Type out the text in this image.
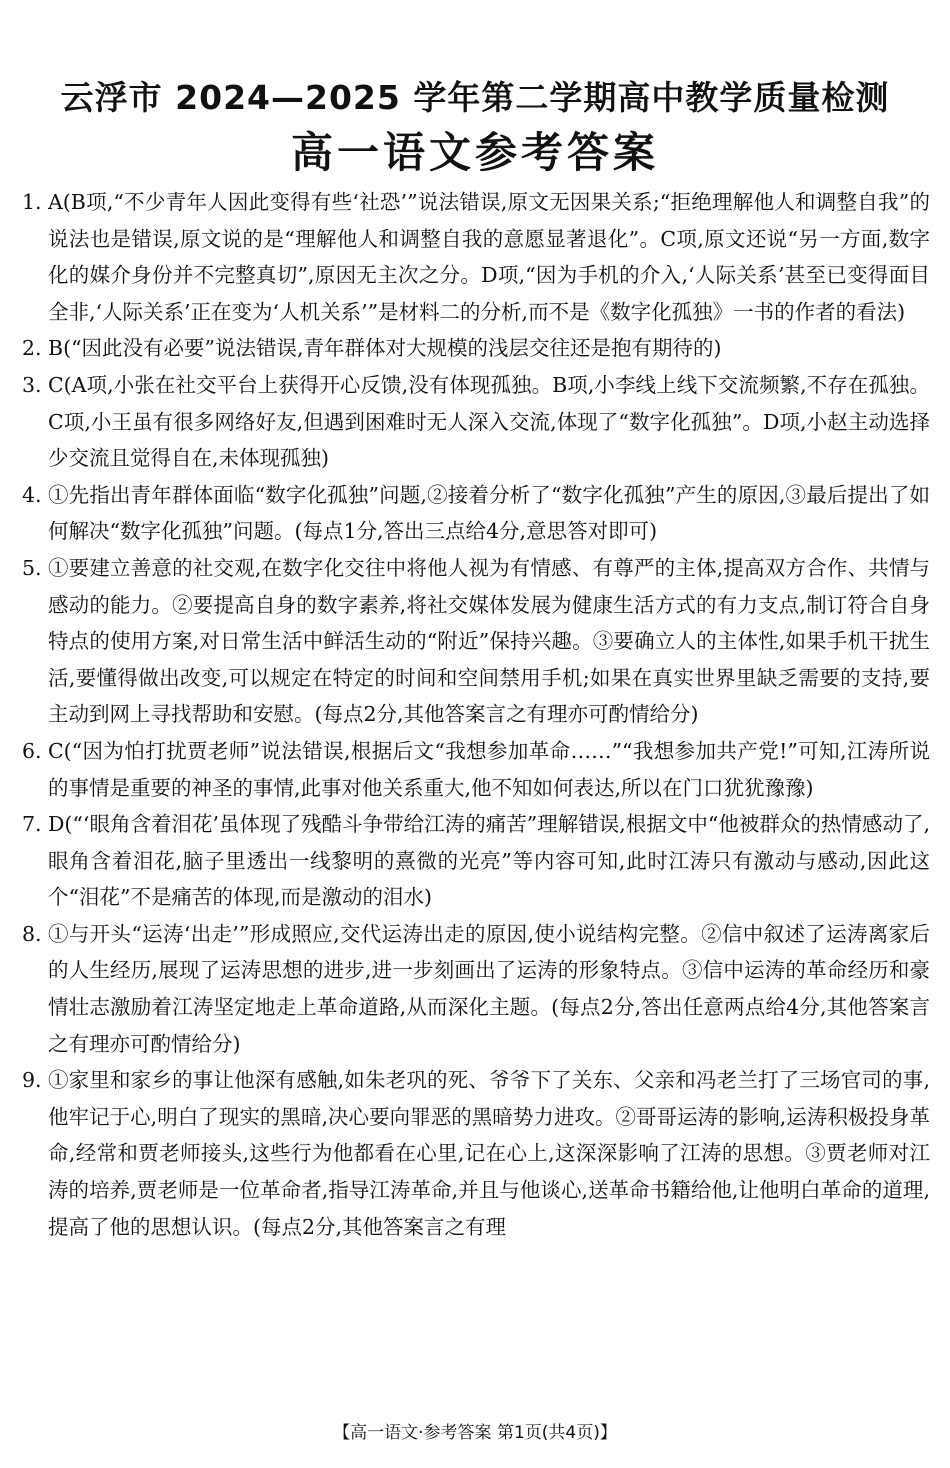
云浮市 2024—2025 学年第二学期高中教学质量检测
高一语文参考答案
1. A(B项,“不少青年人因此变得有些‘社恐’”说法错误,原文无因果关系;“拒绝理解他人和调整自我”的说法也是错误,原文说的是“理解他人和调整自我的意愿显著退化”。C项,原文还说“另一方面,数字化的媒介身份并不完整真切”,原因无主次之分。D项,“因为手机的介入,‘人际关系’甚至已变得面目全非,‘人际关系’正在变为‘人机关系’”是材料二的分析,而不是《数字化孤独》一书的作者的看法)
2. B(“因此没有必要”说法错误,青年群体对大规模的浅层交往还是抱有期待的)
3. C(A项,小张在社交平台上获得开心反馈,没有体现孤独。B项,小李线上线下交流频繁,不存在孤独。C项,小王虽有很多网络好友,但遇到困难时无人深入交流,体现了“数字化孤独”。D项,小赵主动选择少交流且觉得自在,未体现孤独)
4. ①先指出青年群体面临“数字化孤独”问题,②接着分析了“数字化孤独”产生的原因,③最后提出了如何解决“数字化孤独”问题。(每点1分,答出三点给4分,意思答对即可)
5. ①要建立善意的社交观,在数字化交往中将他人视为有情感、有尊严的主体,提高双方合作、共情与感动的能力。②要提高自身的数字素养,将社交媒体发展为健康生活方式的有力支点,制订符合自身特点的使用方案,对日常生活中鲜活生动的“附近”保持兴趣。③要确立人的主体性,如果手机干扰生活,要懂得做出改变,可以规定在特定的时间和空间禁用手机;如果在真实世界里缺乏需要的支持,要主动到网上寻找帮助和安慰。(每点2分,其他答案言之有理亦可酌情给分)
6. C(“因为怕打扰贾老师”说法错误,根据后文“我想参加革命……”“我想参加共产党!”可知,江涛所说的事情是重要的神圣的事情,此事对他关系重大,他不知如何表达,所以在门口犹犹豫豫)
7. D(“‘眼角含着泪花’虽体现了残酷斗争带给江涛的痛苦”理解错误,根据文中“他被群众的热情感动了,眼角含着泪花,脑子里透出一线黎明的熹微的光亮”等内容可知,此时江涛只有激动与感动,因此这个“泪花”不是痛苦的体现,而是激动的泪水)
8. ①与开头“运涛‘出走’”形成照应,交代运涛出走的原因,使小说结构完整。②信中叙述了运涛离家后的人生经历,展现了运涛思想的进步,进一步刻画出了运涛的形象特点。③信中运涛的革命经历和豪情壮志激励着江涛坚定地走上革命道路,从而深化主题。(每点2分,答出任意两点给4分,其他答案言之有理亦可酌情给分)
9. ①家里和家乡的事让他深有感触,如朱老巩的死、爷爷下了关东、父亲和冯老兰打了三场官司的事,他牢记于心,明白了现实的黑暗,决心要向罪恶的黑暗势力进攻。②哥哥运涛的影响,运涛积极投身革命,经常和贾老师接头,这些行为他都看在心里,记在心上,这深深影响了江涛的思想。③贾老师对江涛的培养,贾老师是一位革命者,指导江涛革命,并且与他谈心,送革命书籍给他,让他明白革命的道理,提高了他的思想认识。(每点2分,其他答案言之有理
【高一语文·参考答案 第1页(共4页)】
